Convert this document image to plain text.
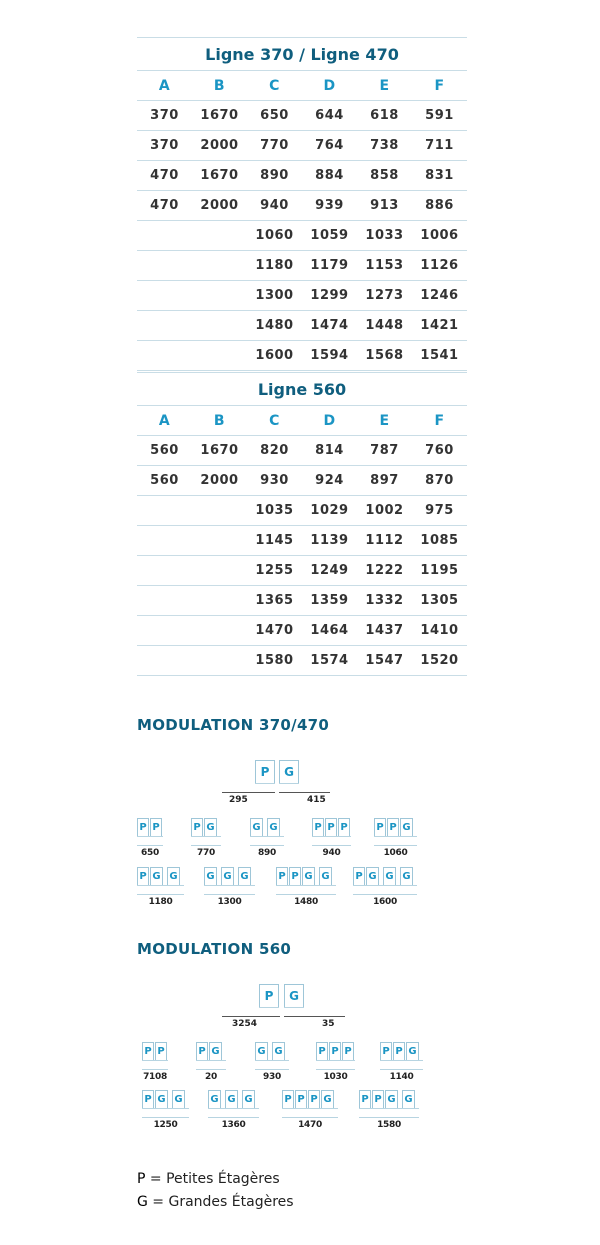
Ligne 370 / Ligne 470					
A	B	C	D	E	F
370	1670	650	644	618	591
370	2000	770	764	738	711
470	1670	890	884	858	831
470	2000	940	939	913	886
		1060	1059	1033	1006
		1180	1179	1153	1126
		1300	1299	1273	1246
		1480	1474	1448	1421
		1600	1594	1568	1541
Ligne 560					
A	B	C	D	E	F
560	1670	820	814	787	760
560	2000	930	924	897	870
		1035	1029	1002	975
		1145	1139	1112	1085
		1255	1249	1222	1195
		1365	1359	1332	1305
		1470	1464	1437	1410
		1580	1574	1547	1520
MODULATION 370/470
MODULATION 560
P	G
295	415
P P
650
P G
770
G G
890
P P P
940
P P G
1060
P G G
1180
G G G
1300
P P G G
1480
P G G G
1600
P	G
3254	35
P P
7108
P G
20
G G
930
P P P
1030
P P G
1140
P G G
1250
G G G
1360
P P P G
1470
P P G G
1580
P = Petites Étagères
G = Grandes Étagères
